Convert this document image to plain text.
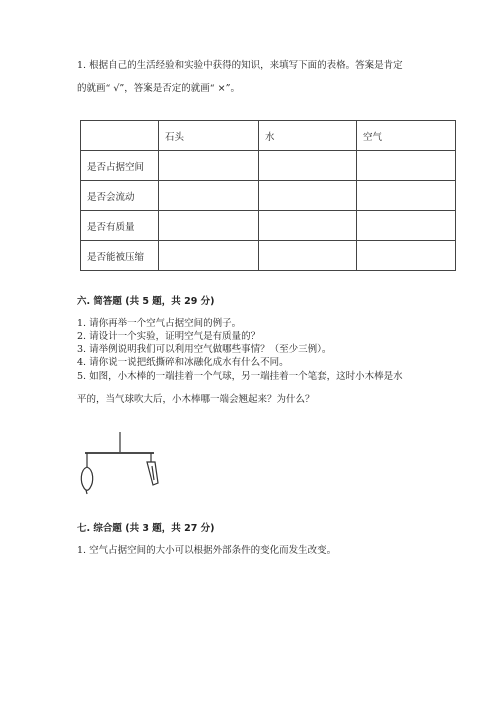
1. 根据自己的生活经验和实验中获得的知识，来填写下面的表格。答案是肯定
的就画“ √”，答案是否定的就画“ ×”。
	石头	水	空气
是否占据空间			
是否会流动			
是否有质量			
是否能被压缩			
六. 简答题 (共 5 题，共 29 分)
1. 请你再举一个空气占据空间的例子。
2. 请设计一个实验，证明空气是有质量的？
3. 请举例说明我们可以利用空气做哪些事情？（至少三例）。
4. 请你说一说把纸撕碎和冰融化成水有什么不同。
5. 如图，小木棒的一端挂着一个气球，另一端挂着一个笔套，这时小木棒是水
平的，当气球吹大后，小木棒哪一端会翘起来？为什么？
七. 综合题 (共 3 题，共 27 分)
1. 空气占据空间的大小可以根据外部条件的变化而发生改变。
